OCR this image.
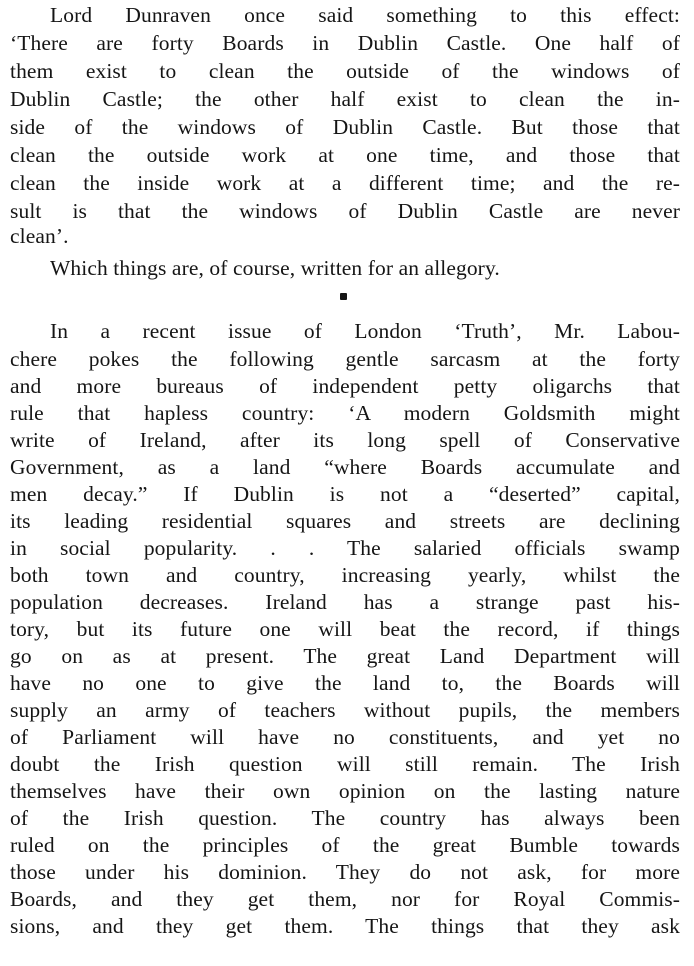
Lord Dunraven once said something to this effect:
‘There are forty Boards in Dublin Castle. One half of
them exist to clean the outside of the windows of
Dublin Castle; the other half exist to clean the in-
side of the windows of Dublin Castle. But those that
clean the outside work at one time, and those that
clean the inside work at a different time; and the re-
sult is that the windows of Dublin Castle are never
clean’.
Which things are, of course, written for an allegory.
In a recent issue of London ‘Truth’, Mr. Labou-
chere pokes the following gentle sarcasm at the forty
and more bureaus of independent petty oligarchs that
rule that hapless country: ‘A modern Goldsmith might
write of Ireland, after its long spell of Conservative
Government, as a land “where Boards accumulate and
men decay.” If Dublin is not a “deserted” capital,
its leading residential squares and streets are declining
in social popularity. . . The salaried officials swamp
both town and country, increasing yearly, whilst the
population decreases. Ireland has a strange past his-
tory, but its future one will beat the record, if things
go on as at present. The great Land Department will
have no one to give the land to, the Boards will
supply an army of teachers without pupils, the members
of Parliament will have no constituents, and yet no
doubt the Irish question will still remain. The Irish
themselves have their own opinion on the lasting nature
of the Irish question. The country has always been
ruled on the principles of the great Bumble towards
those under his dominion. They do not ask, for more
Boards, and they get them, nor for Royal Commis-
sions, and they get them. The things that they ask
